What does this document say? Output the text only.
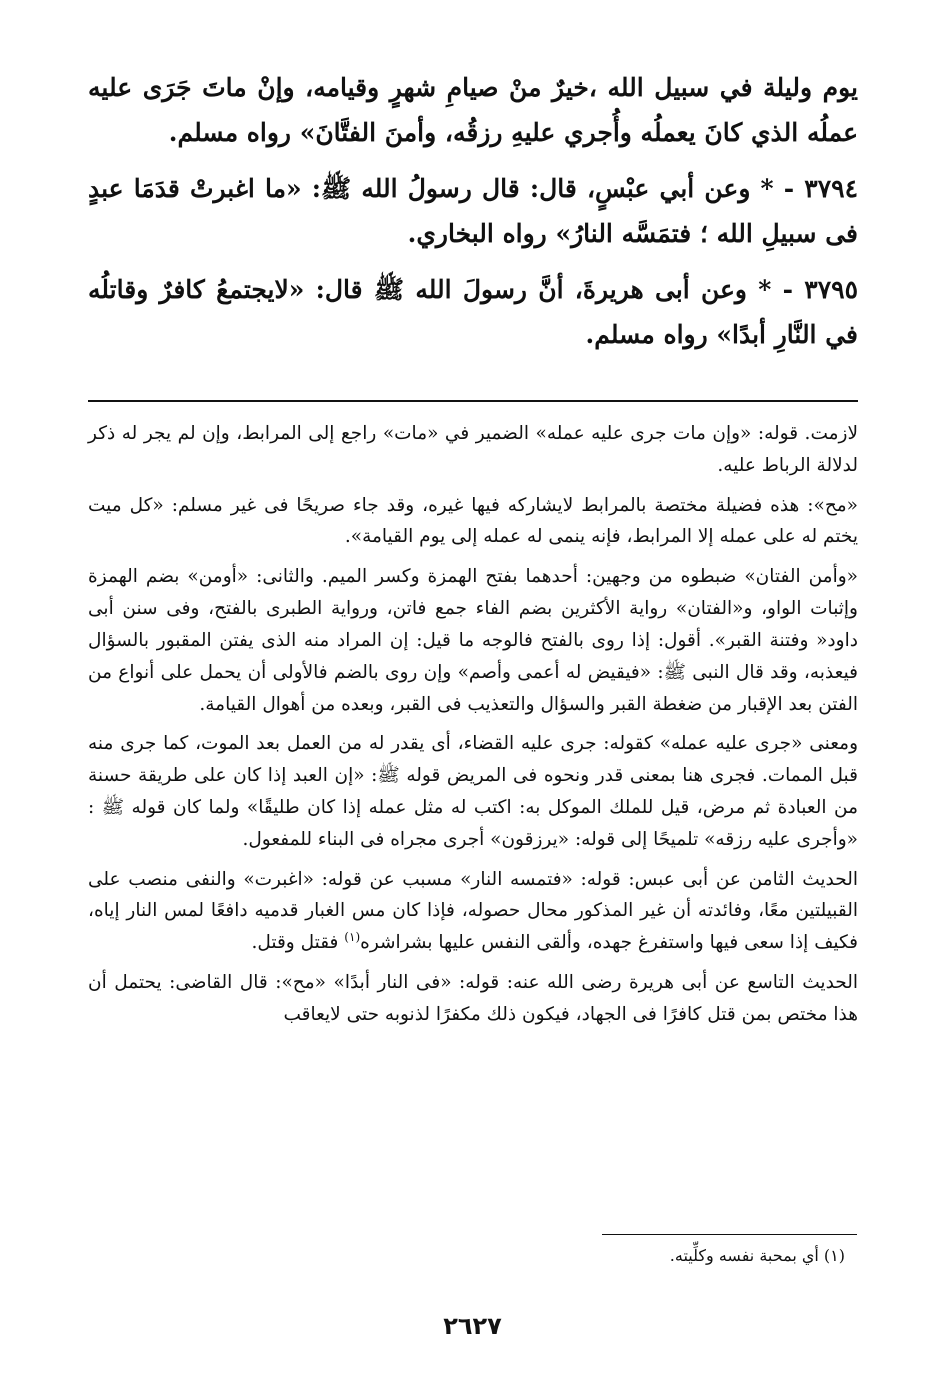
يوم وليلة في سبيل الله ،خيرٌ منْ صيامِ شهرٍ وقيامه، وإنْ ماتَ جَرَى عليه عملُه الذي كانَ يعملُه وأُجري عليهِ رزقُه، وأمنَ الفتَّانَ» رواه مسلم.

٣٧٩٤ - * وعن أبي عبْسٍ، قال: قال رسولُ الله ﷺ: «ما اغبرتْ قدَمَا عبدٍ فى سبيلِ الله ؛ فتمَسَّه النارُ» رواه البخاري.

٣٧٩٥ - * وعن أبى هريرةَ، أنَّ رسولَ الله ﷺ قال: «لايجتمعُ كافرٌ وقاتلُه في النَّارِ أبدًا» رواه مسلم.

لازمت. قوله: «وإن مات جرى عليه عمله» الضمير في «مات» راجع إلى المرابط، وإن لم يجر له ذكر لدلالة الرباط عليه.

«مح»: هذه فضيلة مختصة بالمرابط لايشاركه فيها غيره، وقد جاء صريحًا فى غير مسلم: «كل ميت يختم له على عمله إلا المرابط، فإنه ينمى له عمله إلى يوم القيامة».

«وأمن الفتان» ضبطوه من وجهين: أحدهما بفتح الهمزة وكسر الميم. والثانى: «أومن» بضم الهمزة وإثبات الواو، و«الفتان» رواية الأكثرين بضم الفاء جمع فاتن، ورواية الطبرى بالفتح، وفى سنن أبى داود« وفتنة القبر». أقول: إذا روى بالفتح فالوجه ما قيل: إن المراد منه الذى يفتن المقبور بالسؤال فيعذبه، وقد قال النبى ﷺ: «فيقيض له أعمى وأصم» وإن روى بالضم فالأولى أن يحمل على أنواع من الفتن بعد الإقبار من ضغطة القبر والسؤال والتعذيب فى القبر، وبعده من أهوال القيامة.

ومعنى «جرى عليه عمله» كقوله: جرى عليه القضاء، أى يقدر له من العمل بعد الموت، كما جرى منه قبل الممات. فجرى هنا بمعنى قدر ونحوه فى المريض قوله ﷺ: «إن العبد إذا كان على طريقة حسنة من العبادة ثم مرض، قيل للملك الموكل به: اكتب له مثل عمله إذا كان طليقًا» ولما كان قوله ﷺ : «وأجرى عليه رزقه» تلميحًا إلى قوله: «يرزقون» أجرى مجراه فى البناء للمفعول.

الحديث الثامن عن أبى عبس: قوله: «فتمسه النار» مسبب عن قوله: «اغبرت» والنفى منصب على القبيلتين معًا، وفائدته أن غير المذكور محال حصوله، فإذا كان مس الغبار قدميه دافعًا لمس النار إياه، فكيف إذا سعى فيها واستفرغ جهده، وألقى النفس عليها بشراشره$^{(١)}$ فقتل وقتل.

الحديث التاسع عن أبى هريرة رضى الله عنه: قوله: «فى النار أبدًا» «مح»: قال القاضى: يحتمل أن هذا مختص بمن قتل كافرًا فى الجهاد، فيكون ذلك مكفرًا لذنوبه حتى لايعاقب

(١) أي بمحبة نفسه وكلِّيته.
٢٦٢٧
